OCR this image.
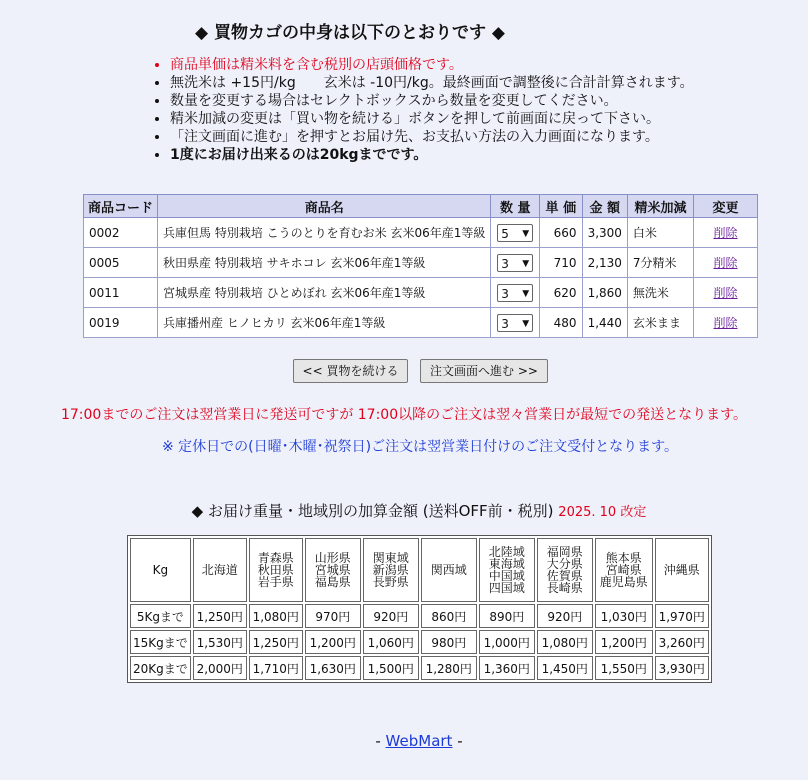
◆ 買物カゴの中身は以下のとおりです ◆
• 商品単価は精米料を含む税別の店頭価格です。
• 無洗米は +15円/kg　　玄米は -10円/kg。最終画面で調整後に合計計算されます。
• 数量を変更する場合はセレクトボックスから数量を変更してください。
• 精米加減の変更は「買い物を続ける」ボタンを押して前画面に戻って下さい。
• 「注文画面に進む」を押すとお届け先、お支払い方法の入力画面になります。
• 1度にお届け出来るのは20kgまでです。
商品コード	商品名	数 量	単 価	金 額	精米加減	変更
0002	兵庫但馬 特別栽培 こうのとりを育むお米 玄米06年産1等級	5 ▼	660	3,300	白米	削除
0005	秋田県産 特別栽培 サキホコレ 玄米06年産1等級	3 ▼	710	2,130	7分精米	削除
0011	宮城県産 特別栽培 ひとめぼれ 玄米06年産1等級	3 ▼	620	1,860	無洗米	削除
0019	兵庫播州産 ヒノヒカリ 玄米06年産1等級	3 ▼	480	1,440	玄米まま	削除
<< 買物を続ける	注文画面へ進む >>
17:00までのご注文は翌営業日に発送可ですが 17:00以降のご注文は翌々営業日が最短での発送となります。
※ 定休日での(日曜･木曜･祝祭日)ご注文は翌営業日付けのご注文受付となります。
◆ お届け重量・地域別の加算金額 (送料OFF前・税別) 2025. 10 改定
Kg	北海道	青森県
秋田県
岩手県	山形県
宮城県
福島県	関東域
新潟県
長野県	関西域	北陸域
東海域
中国域
四国域	福岡県
大分県
佐賀県
長崎県	熊本県
宮崎県
鹿児島県	沖縄県
5Kgまで	1,250円	1,080円	970円	920円	860円	890円	920円	1,030円	1,970円
15Kgまで	1,530円	1,250円	1,200円	1,060円	980円	1,000円	1,080円	1,200円	3,260円
20Kgまで	2,000円	1,710円	1,630円	1,500円	1,280円	1,360円	1,450円	1,550円	3,930円
- WebMart -
